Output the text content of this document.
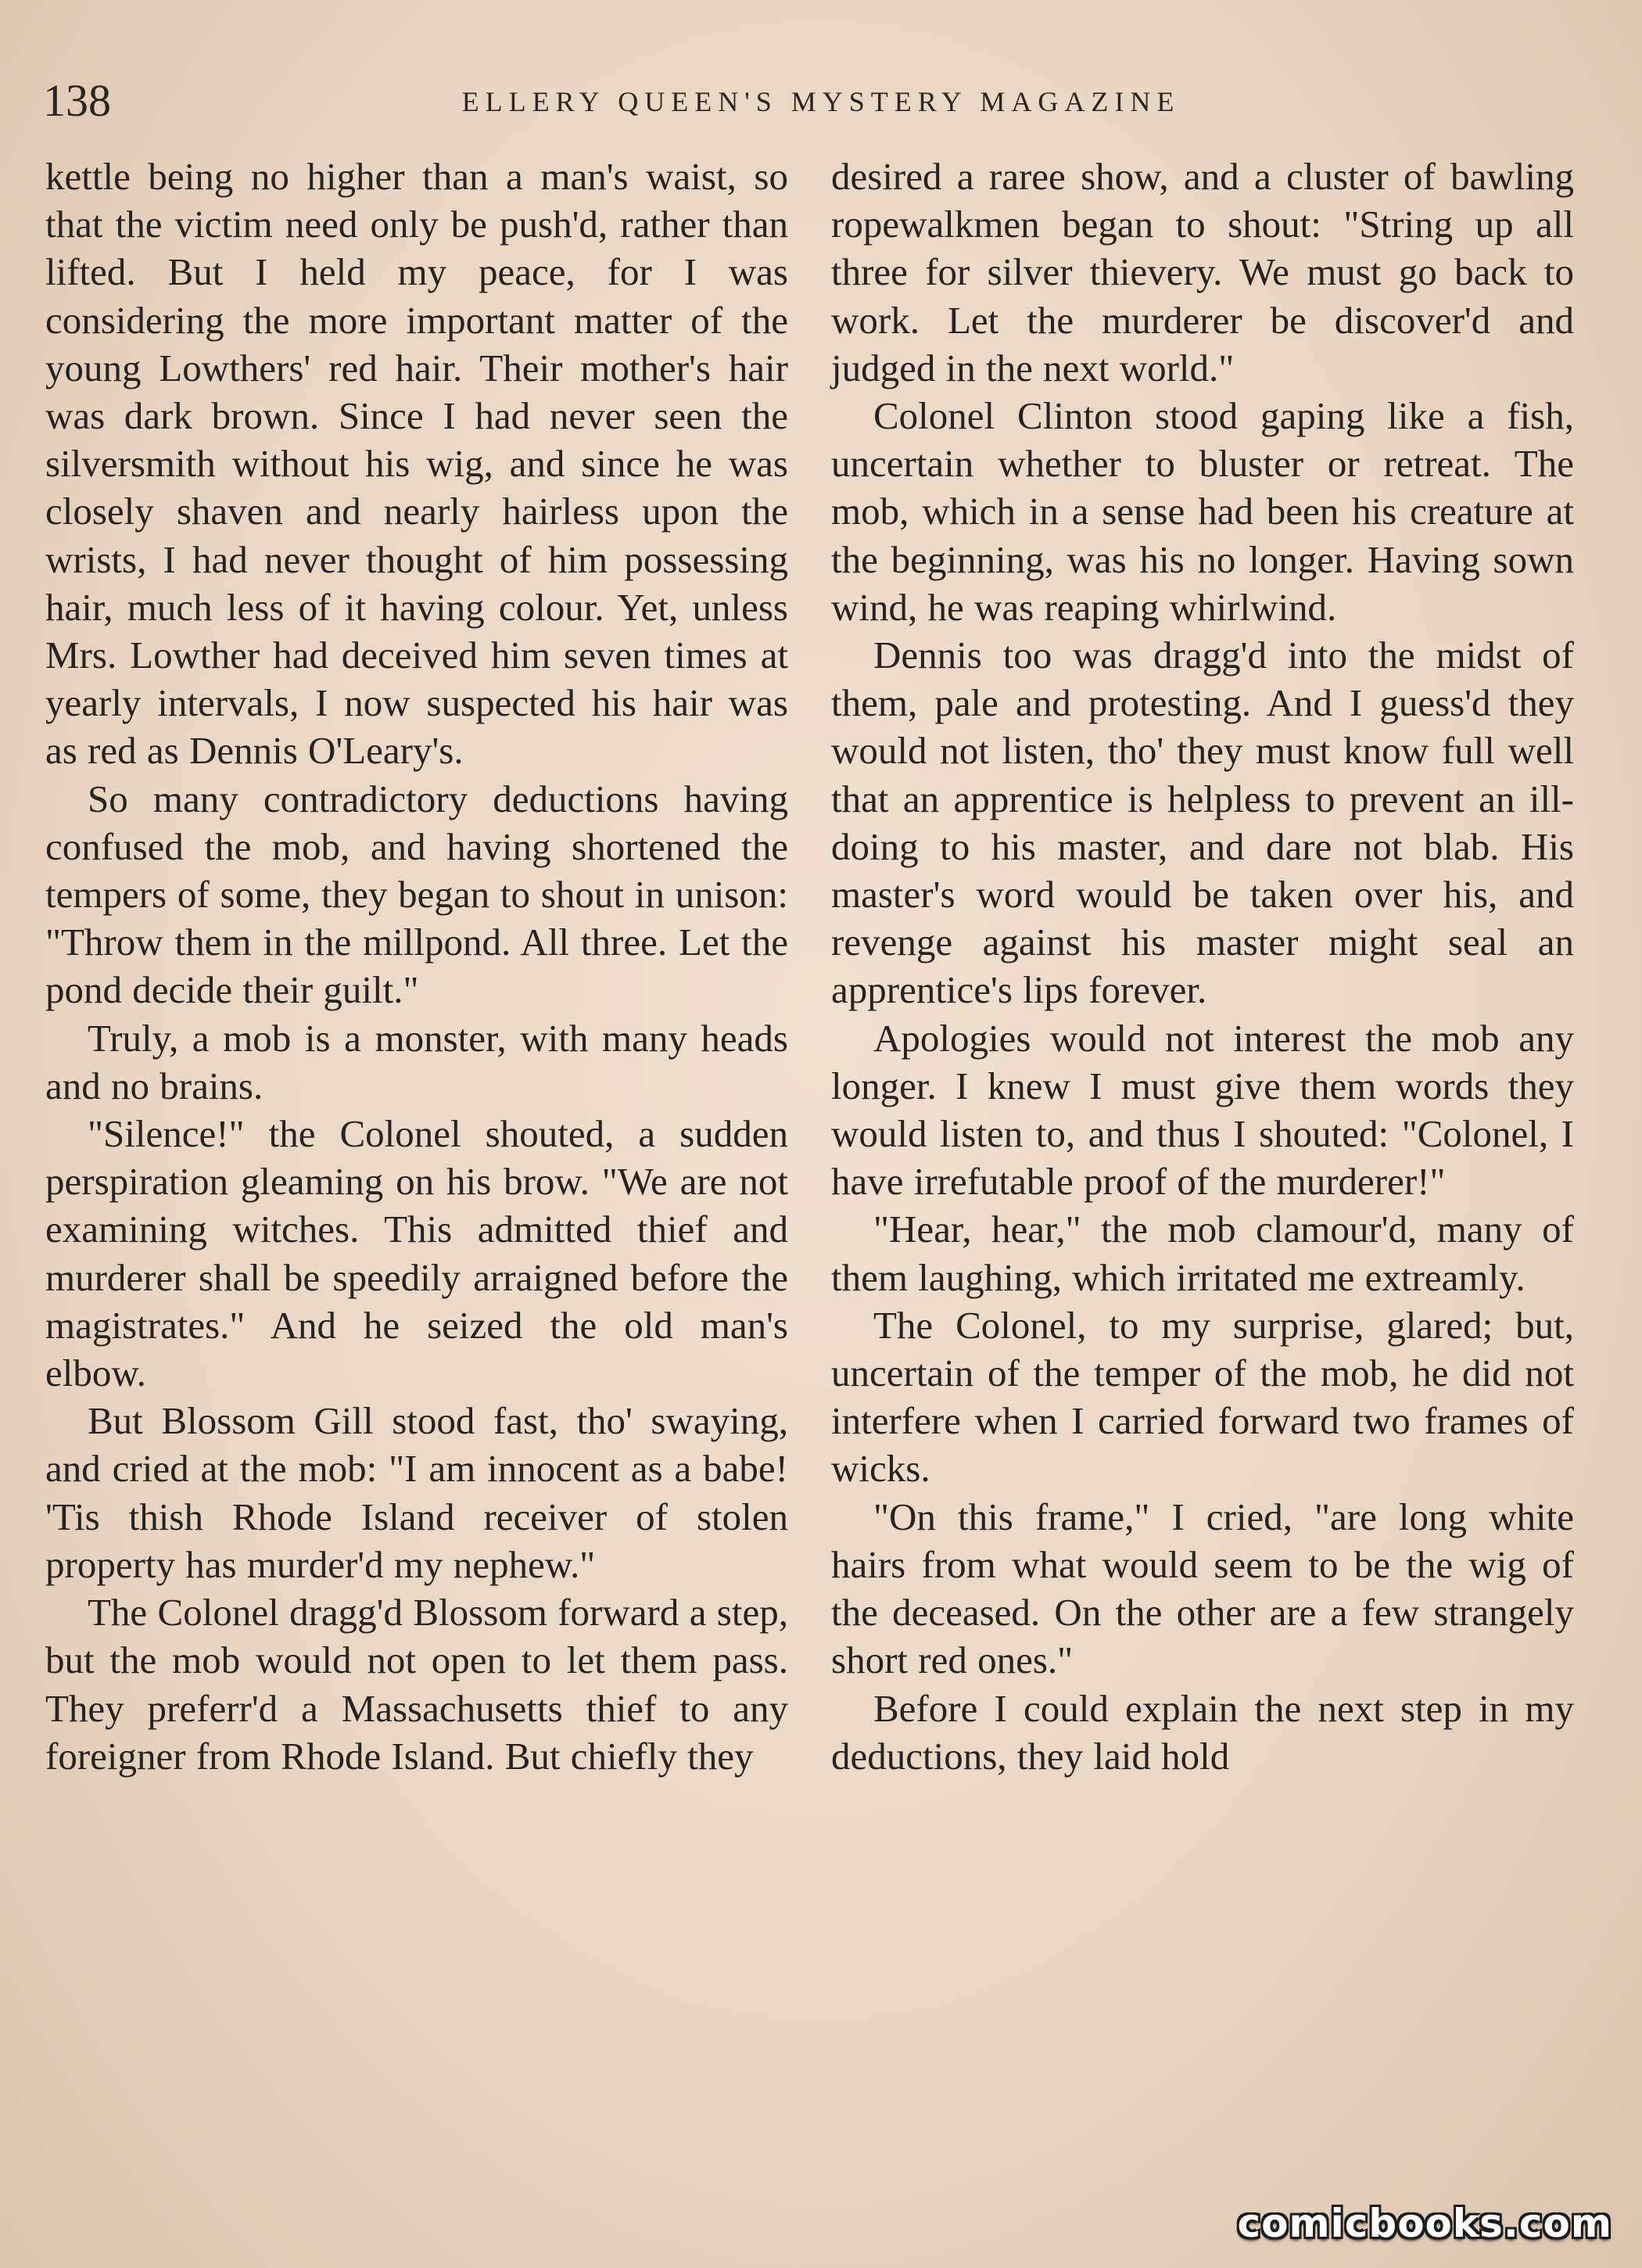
138	ELLERY QUEEN'S MYSTERY MAGAZINE

kettle being no higher than a man's waist, so that the victim need only be push'd, rather than lifted. But I held my peace, for I was considering the more important matter of the young Lowthers' red hair. Their mother's hair was dark brown. Since I had never seen the silversmith without his wig, and since he was closely shaven and nearly hairless upon the wrists, I had never thought of him possessing hair, much less of it having colour. Yet, unless Mrs. Lowther had deceived him seven times at yearly intervals, I now suspected his hair was as red as Dennis O'Leary's.

So many contradictory deductions having confused the mob, and having shortened the tempers of some, they began to shout in unison: "Throw them in the millpond. All three. Let the pond decide their guilt."

Truly, a mob is a monster, with many heads and no brains.

"Silence!" the Colonel shouted, a sudden perspiration gleaming on his brow. "We are not examining witches. This admitted thief and murderer shall be speedily arraigned before the magistrates." And he seized the old man's elbow.

But Blossom Gill stood fast, tho' swaying, and cried at the mob: "I am innocent as a babe! 'Tis thish Rhode Island receiver of stolen property has murder'd my nephew."

The Colonel dragg'd Blossom forward a step, but the mob would not open to let them pass. They preferr'd a Massachusetts thief to any foreigner from Rhode Island. But chiefly they

desired a raree show, and a cluster of bawling ropewalkmen began to shout: "String up all three for silver thievery. We must go back to work. Let the murderer be discover'd and judged in the next world."

Colonel Clinton stood gaping like a fish, uncertain whether to bluster or retreat. The mob, which in a sense had been his creature at the beginning, was his no longer. Having sown wind, he was reaping whirlwind.

Dennis too was dragg'd into the midst of them, pale and protesting. And I guess'd they would not listen, tho' they must know full well that an apprentice is helpless to prevent an ill-doing to his master, and dare not blab. His master's word would be taken over his, and revenge against his master might seal an apprentice's lips forever.

Apologies would not interest the mob any longer. I knew I must give them words they would listen to, and thus I shouted: "Colonel, I have irrefutable proof of the murderer!"

"Hear, hear," the mob clamour'd, many of them laughing, which irritated me extreamly.

The Colonel, to my surprise, glared; but, uncertain of the temper of the mob, he did not interfere when I carried forward two frames of wicks.

"On this frame," I cried, "are long white hairs from what would seem to be the wig of the deceased. On the other are a few strangely short red ones."

Before I could explain the next step in my deductions, they laid hold

comicbooks.com
